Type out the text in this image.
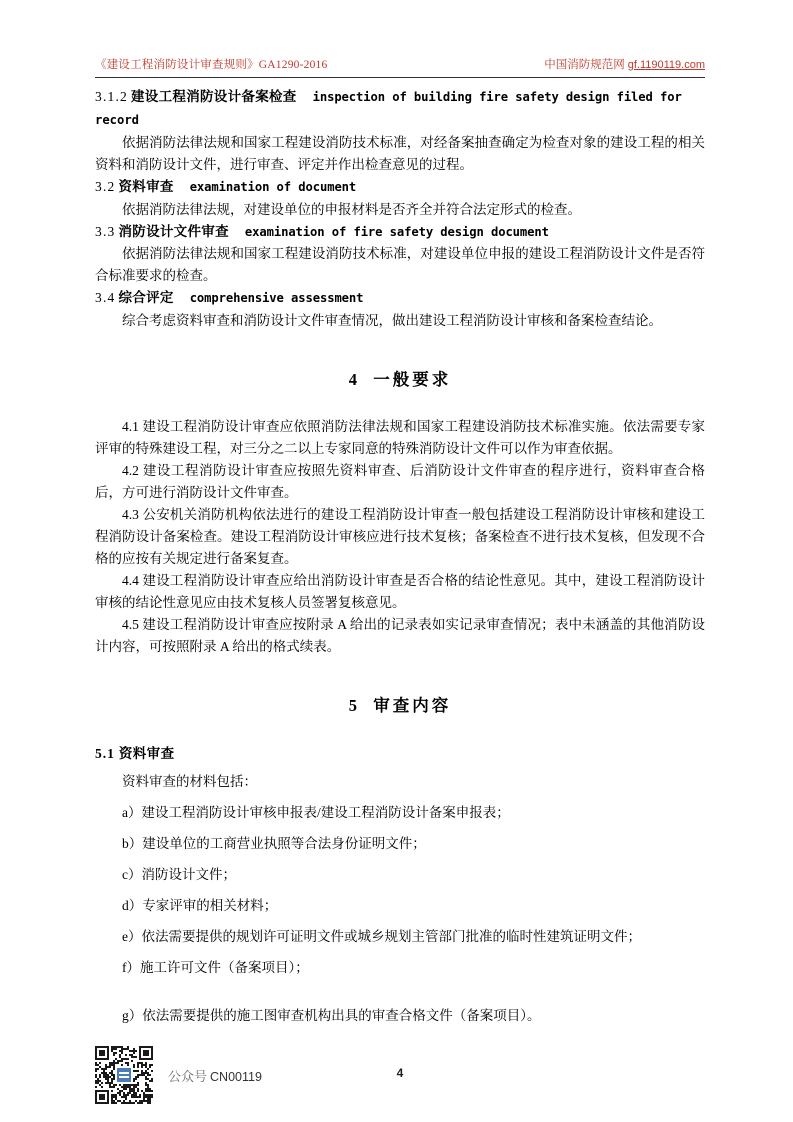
《建设工程消防设计审查规则》GA1290-2016	中国消防规范网 gf.1190119.com

3.1.2 建设工程消防设计备案检查 inspection of building fire safety design filed for

record

依据消防法律法规和国家工程建设消防技术标准，对经备案抽查确定为检查对象的建设工程的相关资料和消防设计文件，进行审查、评定并作出检查意见的过程。

3.2 资料审查 examination of document

依据消防法律法规，对建设单位的申报材料是否齐全并符合法定形式的检查。

3.3 消防设计文件审查 examination of fire safety design document

依据消防法律法规和国家工程建设消防技术标准，对建设单位申报的建设工程消防设计文件是否符合标准要求的检查。

3.4 综合评定 comprehensive assessment

综合考虑资料审查和消防设计文件审查情况，做出建设工程消防设计审核和备案检查结论。

4 一般要求

4.1 建设工程消防设计审查应依照消防法律法规和国家工程建设消防技术标准实施。依法需要专家评审的特殊建设工程，对三分之二以上专家同意的特殊消防设计文件可以作为审查依据。

4.2 建设工程消防设计审查应按照先资料审查、后消防设计文件审查的程序进行，资料审查合格后，方可进行消防设计文件审查。

4.3 公安机关消防机构依法进行的建设工程消防设计审查一般包括建设工程消防设计审核和建设工程消防设计备案检查。建设工程消防设计审核应进行技术复核；备案检查不进行技术复核，但发现不合格的应按有关规定进行备案复查。

4.4 建设工程消防设计审查应给出消防设计审查是否合格的结论性意见。其中，建设工程消防设计审核的结论性意见应由技术复核人员签署复核意见。

4.5 建设工程消防设计审查应按附录 A 给出的记录表如实记录审查情况；表中未涵盖的其他消防设计内容，可按照附录 A 给出的格式续表。

5 审查内容

5.1 资料审查

资料审查的材料包括：

a）建设工程消防设计审核申报表/建设工程消防设计备案申报表；

b）建设单位的工商营业执照等合法身份证明文件；

c）消防设计文件；

d）专家评审的相关材料；

e）依法需要提供的规划许可证明文件或城乡规划主管部门批准的临时性建筑证明文件；

f）施工许可文件（备案项目）；

g）依法需要提供的施工图审查机构出具的审查合格文件（备案项目）。

公众号 CN00119	4
